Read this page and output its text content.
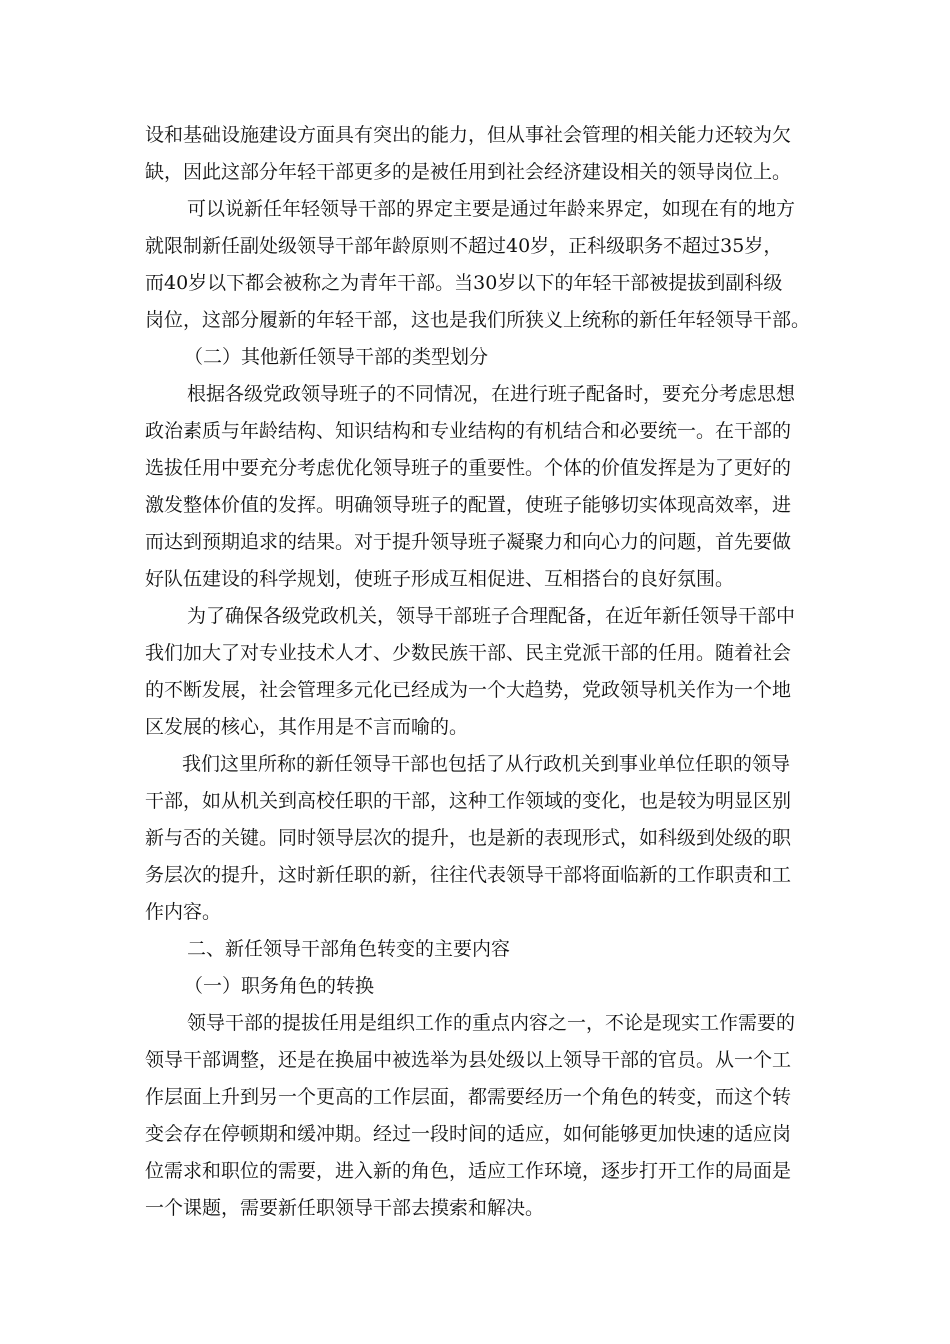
设和基础设施建设方面具有突出的能力，但从事社会管理的相关能力还较为欠
缺，因此这部分年轻干部更多的是被任用到社会经济建设相关的领导岗位上。
可以说新任年轻领导干部的界定主要是通过年龄来界定，如现在有的地方
就限制新任副处级领导干部年龄原则不超过40岁，正科级职务不超过35岁，
而40岁以下都会被称之为青年干部。当30岁以下的年轻干部被提拔到副科级
岗位，这部分履新的年轻干部，这也是我们所狭义上统称的新任年轻领导干部。
（二）其他新任领导干部的类型划分
根据各级党政领导班子的不同情况，在进行班子配备时，要充分考虑思想
政治素质与年龄结构、知识结构和专业结构的有机结合和必要统一。在干部的
选拔任用中要充分考虑优化领导班子的重要性。个体的价值发挥是为了更好的
激发整体价值的发挥。明确领导班子的配置，使班子能够切实体现高效率，进
而达到预期追求的结果。对于提升领导班子凝聚力和向心力的问题，首先要做
好队伍建设的科学规划，使班子形成互相促进、互相搭台的良好氛围。
为了确保各级党政机关，领导干部班子合理配备，在近年新任领导干部中
我们加大了对专业技术人才、少数民族干部、民主党派干部的任用。随着社会
的不断发展，社会管理多元化已经成为一个大趋势，党政领导机关作为一个地
区发展的核心，其作用是不言而喻的。
我们这里所称的新任领导干部也包括了从行政机关到事业单位任职的领导
干部，如从机关到高校任职的干部，这种工作领域的变化，也是较为明显区别
新与否的关键。同时领导层次的提升，也是新的表现形式，如科级到处级的职
务层次的提升，这时新任职的新，往往代表领导干部将面临新的工作职责和工
作内容。
二、新任领导干部角色转变的主要内容
（一）职务角色的转换
领导干部的提拔任用是组织工作的重点内容之一，不论是现实工作需要的
领导干部调整，还是在换届中被选举为县处级以上领导干部的官员。从一个工
作层面上升到另一个更高的工作层面，都需要经历一个角色的转变，而这个转
变会存在停顿期和缓冲期。经过一段时间的适应，如何能够更加快速的适应岗
位需求和职位的需要，进入新的角色，适应工作环境，逐步打开工作的局面是
一个课题，需要新任职领导干部去摸索和解决。
